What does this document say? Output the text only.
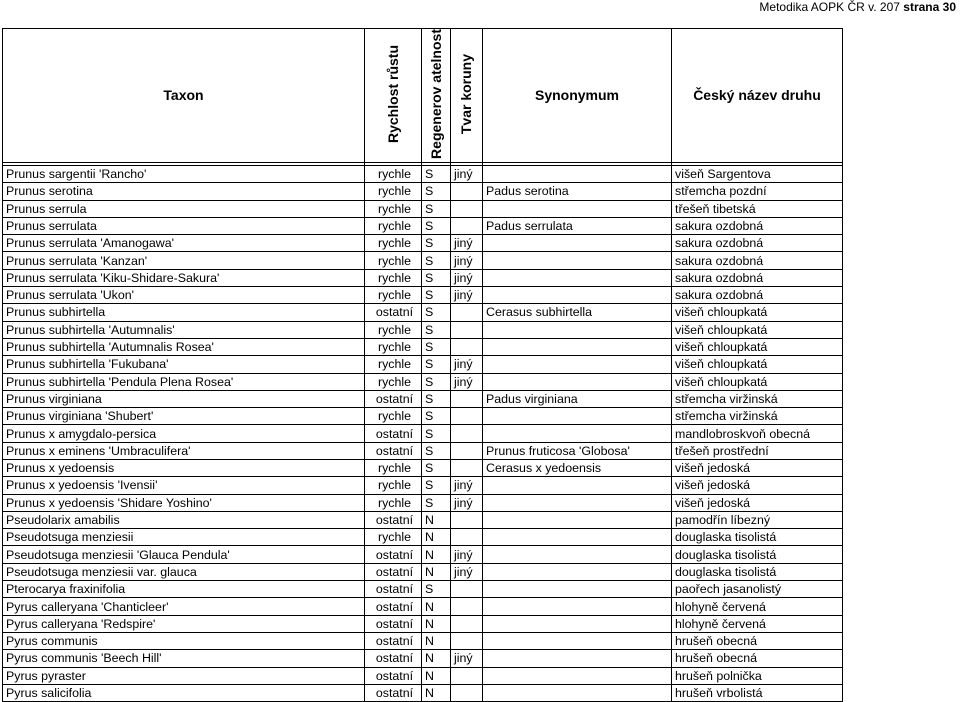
Metodika AOPK ČR v. 207 strana 30
Taxon	Rychlost růstu	Regenerov atelnost	Tvar koruny	Synonymum	Český název druhu

Prunus sargentii 'Rancho'	rychle	S	jiný		višeň Sargentova
Prunus serotina	rychle	S		Padus serotina	střemcha pozdní
Prunus serrula	rychle	S			třešeň tibetská
Prunus serrulata	rychle	S		Padus serrulata	sakura ozdobná
Prunus serrulata 'Amanogawa'	rychle	S	jiný		sakura ozdobná
Prunus serrulata 'Kanzan'	rychle	S	jiný		sakura ozdobná
Prunus serrulata 'Kiku-Shidare-Sakura'	rychle	S	jiný		sakura ozdobná
Prunus serrulata 'Ukon'	rychle	S	jiný		sakura ozdobná
Prunus subhirtella	ostatní	S		Cerasus subhirtella	višeň chloupkatá
Prunus subhirtella 'Autumnalis'	rychle	S			višeň chloupkatá
Prunus subhirtella 'Autumnalis Rosea'	rychle	S			višeň chloupkatá
Prunus subhirtella 'Fukubana'	rychle	S	jiný		višeň chloupkatá
Prunus subhirtella 'Pendula Plena Rosea'	rychle	S	jiný		višeň chloupkatá
Prunus virginiana	ostatní	S		Padus virginiana	střemcha viržinská
Prunus virginiana 'Shubert'	rychle	S			střemcha viržinská
Prunus x amygdalo-persica	ostatní	S			mandlobroskvoň obecná
Prunus x eminens 'Umbraculifera'	ostatní	S		Prunus fruticosa 'Globosa'	třešeň prostřední
Prunus x yedoensis	rychle	S		Cerasus x yedoensis	višeň jedoská
Prunus x yedoensis 'Ivensii'	rychle	S	jiný		višeň jedoská
Prunus x yedoensis 'Shidare Yoshino'	rychle	S	jiný		višeň jedoská
Pseudolarix amabilis	ostatní	N			pamodřín líbezný
Pseudotsuga menziesii	rychle	N			douglaska tisolistá
Pseudotsuga menziesii 'Glauca Pendula'	ostatní	N	jiný		douglaska tisolistá
Pseudotsuga menziesii var. glauca	ostatní	N	jiný		douglaska tisolistá
Pterocarya fraxinifolia	ostatní	S			paořech jasanolistý
Pyrus calleryana 'Chanticleer'	ostatní	N			hlohyně červená
Pyrus calleryana 'Redspire'	ostatní	N			hlohyně červená
Pyrus communis	ostatní	N			hrušeň obecná
Pyrus communis 'Beech Hill'	ostatní	N	jiný		hrušeň obecná
Pyrus pyraster	ostatní	N			hrušeň polnička
Pyrus salicifolia	ostatní	N			hrušeň vrbolistá
